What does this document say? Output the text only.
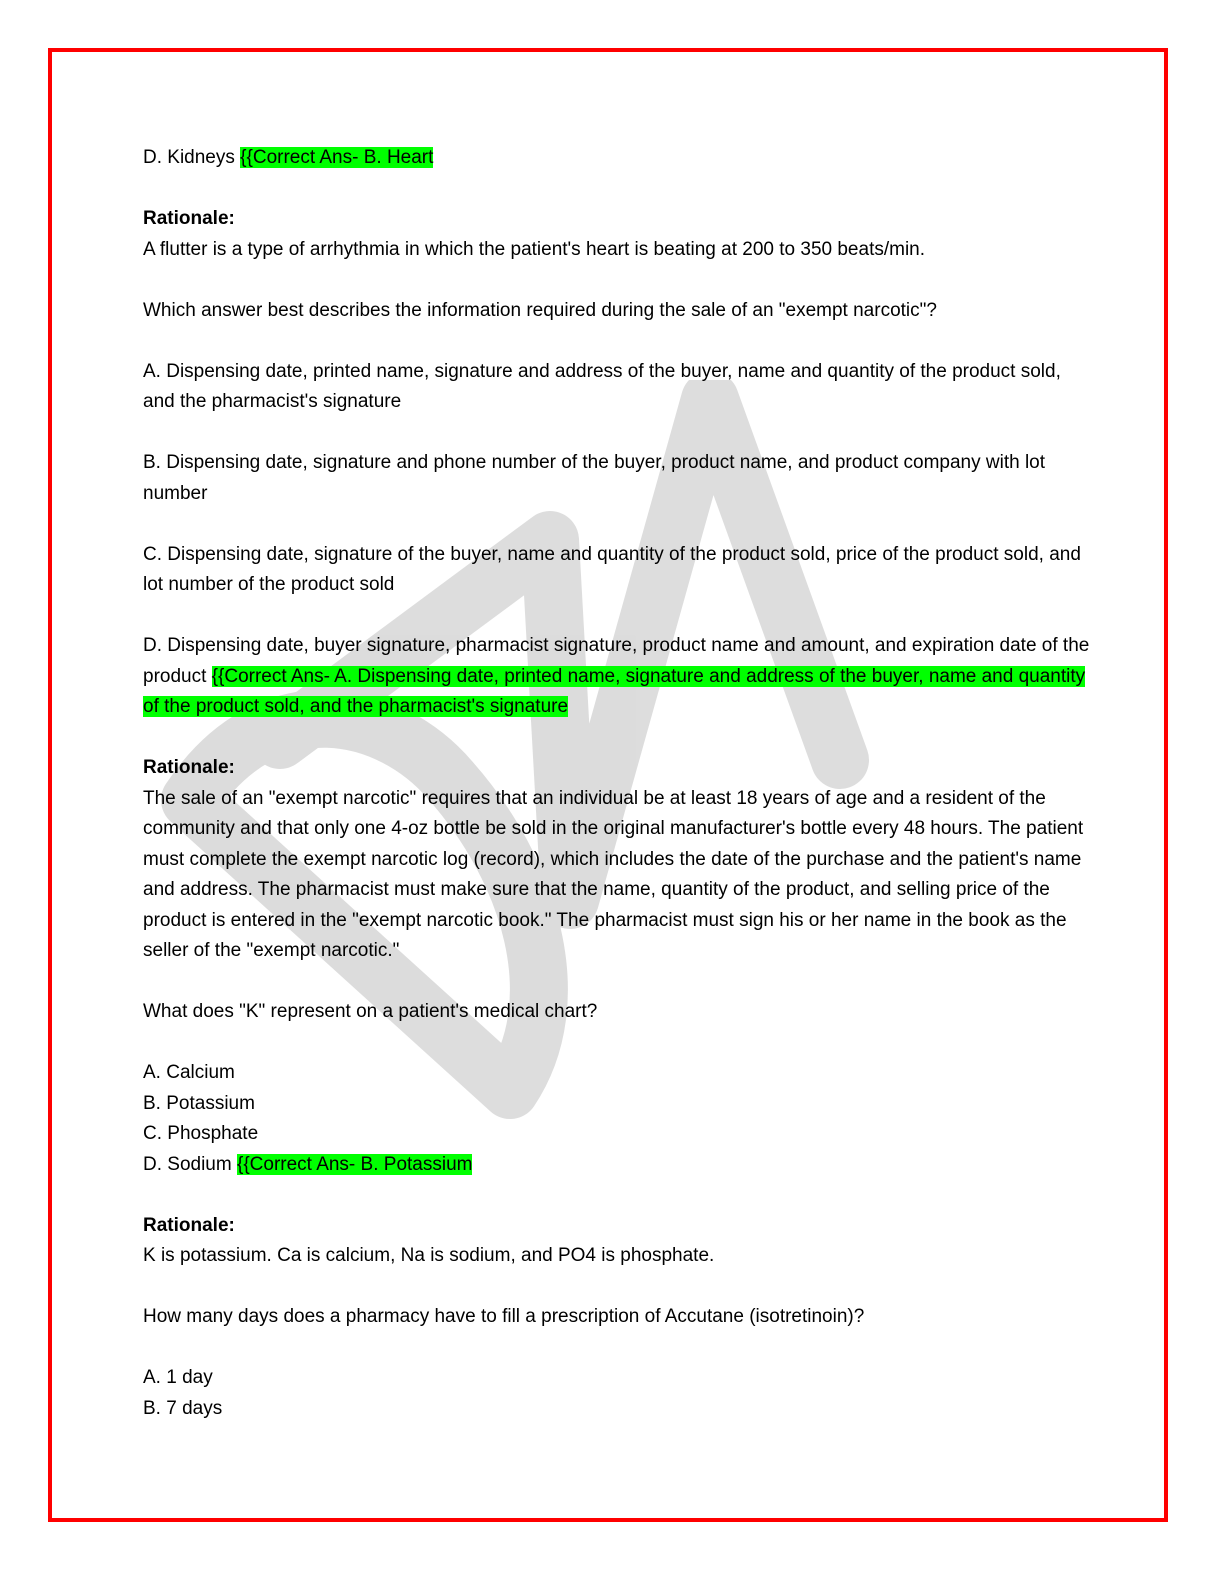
D. Kidneys {{Correct Ans- B. Heart

Rationale:

A flutter is a type of arrhythmia in which the patient's heart is beating at 200 to 350 beats/min.

Which answer best describes the information required during the sale of an "exempt narcotic"?

A. Dispensing date, printed name, signature and address of the buyer, name and quantity of the product sold, and the pharmacist's signature

B. Dispensing date, signature and phone number of the buyer, product name, and product company with lot number

C. Dispensing date, signature of the buyer, name and quantity of the product sold, price of the product sold, and lot number of the product sold

D. Dispensing date, buyer signature, pharmacist signature, product name and amount, and expiration date of the product {{Correct Ans- A. Dispensing date, printed name, signature and address of the buyer, name and quantity of the product sold, and the pharmacist's signature

Rationale:

The sale of an "exempt narcotic" requires that an individual be at least 18 years of age and a resident of the community and that only one 4-oz bottle be sold in the original manufacturer's bottle every 48 hours. The patient must complete the exempt narcotic log (record), which includes the date of the purchase and the patient's name and address. The pharmacist must make sure that the name, quantity of the product, and selling price of the product is entered in the "exempt narcotic book." The pharmacist must sign his or her name in the book as the seller of the "exempt narcotic."

What does "K" represent on a patient's medical chart?

A. Calcium

B. Potassium

C. Phosphate

D. Sodium {{Correct Ans- B. Potassium

Rationale:

K is potassium. Ca is calcium, Na is sodium, and PO4 is phosphate.

How many days does a pharmacy have to fill a prescription of Accutane (isotretinoin)?

A. 1 day

B. 7 days
